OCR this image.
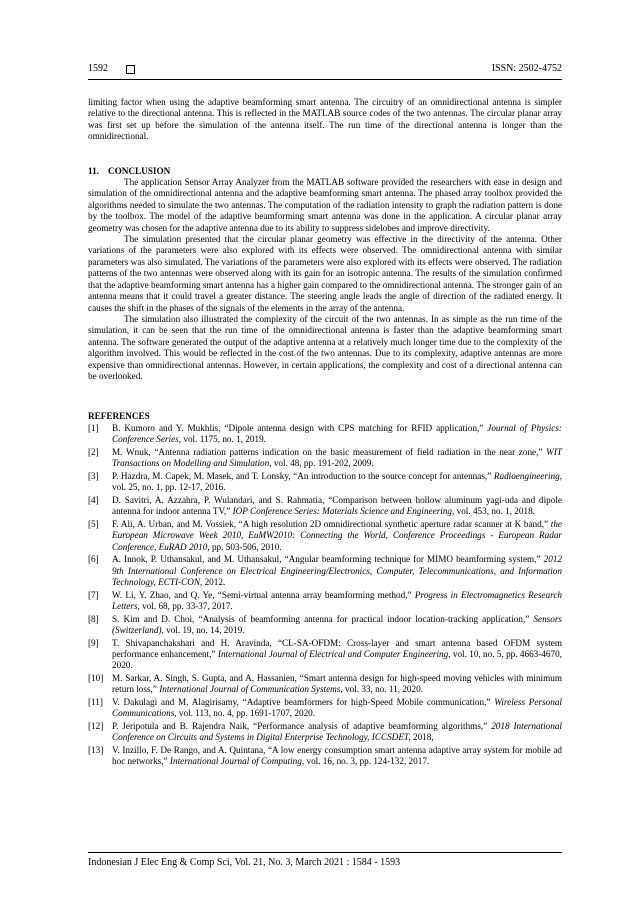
1592	ISSN: 2502-4752

limiting factor when using the adaptive beamforming smart antenna. The circuitry of an omnidirectional antenna is simpler relative to the directional antenna. This is reflected in the MATLAB source codes of the two antennas. The circular planar array was first set up before the simulation of the antenna itself. The run time of the directional antenna is longer than the omnidirectional.

11. CONCLUSION

The application Sensor Array Analyzer from the MATLAB software provided the researchers with ease in design and simulation of the omnidirectional antenna and the adaptive beamforming smart antenna. The phased array toolbox provided the algorithms needed to simulate the two antennas. The computation of the radiation intensity to graph the radiation pattern is done by the toolbox. The model of the adaptive beamforming smart antenna was done in the application. A circular planar array geometry was chosen for the adaptive antenna due to its ability to suppress sidelobes and improve directivity.

The simulation presented that the circular planar geometry was effective in the directivity of the antenna. Other variations of the parameters were also explored with its effects were observed. The omnidirectional antenna with similar parameters was also simulated. The variations of the parameters were also explored with its effects were observed. The radiation patterns of the two antennas were observed along with its gain for an isotropic antenna. The results of the simulation confirmed that the adaptive beamforming smart antenna has a higher gain compared to the omnidirectional antenna. The stronger gain of an antenna means that it could travel a greater distance. The steering angle leads the angle of direction of the radiated energy. It causes the shift in the phases of the signals of the elements in the array of the antenna.

The simulation also illustrated the complexity of the circuit of the two antennas. In as simple as the run time of the simulation, it can be seen that the run time of the omnidirectional antenna is faster than the adaptive beamforming smart antenna. The software generated the output of the adaptive antenna at a relatively much longer time due to the complexity of the algorithm involved. This would be reflected in the cost of the two antennas. Due to its complexity, adaptive antennas are more expensive than omnidirectional antennas. However, in certain applications, the complexity and cost of a directional antenna can be overlooked.

REFERENCES

[1]	B. Kumoro and Y. Mukhlis, “Dipole antenna design with CPS matching for RFID application,” Journal of Physics: Conference Series, vol. 1175, no. 1, 2019.
[2]	M. Wnuk, “Antenna radiation patterns indication on the basic measurement of field radiation in the near zone,” WIT Transactions on Modelling and Simulation, vol. 48, pp. 191-202, 2009.
[3]	P. Hazdra, M. Capek, M. Masek, and T. Lonsky, “An introduction to the source concept for antennas,” Radioengineering, vol. 25, no. 1, pp. 12-17, 2016.
[4]	D. Savitri, A. Azzahra, P. Wulandari, and S. Rahmatia, “Comparison between hollow aluminum yagi-uda and dipole antenna for indoor antenna TV,” IOP Conference Series: Materials Science and Engineering, vol. 453, no. 1, 2018.
[5]	F. Ali, A. Urban, and M. Vossiek, “A high resolution 2D omnidirectional synthetic aperture radar scanner at K band,” the European Microwave Week 2010, EuMW2010: Connecting the World, Conference Proceedings - European Radar Conference, EuRAD 2010, pp. 503-506, 2010.
[6]	A. Innok, P. Uthansakul, and M. Uthansakul, “Angular beamforming technique for MIMO beamforming system,” 2012 9th International Conference on Electrical Engineering/Electronics, Computer, Telecommunications, and Information Technology, ECTI-CON, 2012.
[7]	W. Li, Y. Zhao, and Q. Ye, “Semi-virtual antenna array beamforming method,” Progress in Electromagnetics Research Letters, vol. 68, pp. 33-37, 2017.
[8]	S. Kim and D. Choi, “Analysis of beamforming antenna for practical indoor location-tracking application,” Sensors (Switzerland), vol. 19, no. 14, 2019.
[9]	T. Shivapanchakshari and H. Aravinda, “CL-SA-OFDM: Cross-layer and smart antenna based OFDM system performance enhancement,” International Journal of Electrical and Computer Engineering, vol. 10, no. 5, pp. 4663-4670, 2020.
[10] M. Sarkar, A. Singh, S. Gupta, and A. Hassanien, “Smart antenna design for high-speed moving vehicles with minimum return loss,” International Journal of Communication Systems, vol. 33, no. 11, 2020.
[11] V. Dakulagi and M. Alagirisamy, “Adaptive beamformers for high-Speed Mobile communication,” Wireless Personal Communications, vol. 113, no. 4, pp. 1691-1707, 2020.
[12] P. Jeripotula and B. Rajendra Naik, “Performance analysis of adaptive beamforming algorithms,” 2018 International Conference on Circuits and Systems in Digital Enterprise Technology, ICCSDET, 2018,
[13] V. Inzillo, F. De Rango, and A. Quintana, “A low energy consumption smart antenna adaptive array system for mobile ad hoc networks,” International Journal of Computing, vol. 16, no. 3, pp. 124-132, 2017.
Indonesian J Elec Eng & Comp Sci, Vol. 21, No. 3, March 2021 : 1584 - 1593
